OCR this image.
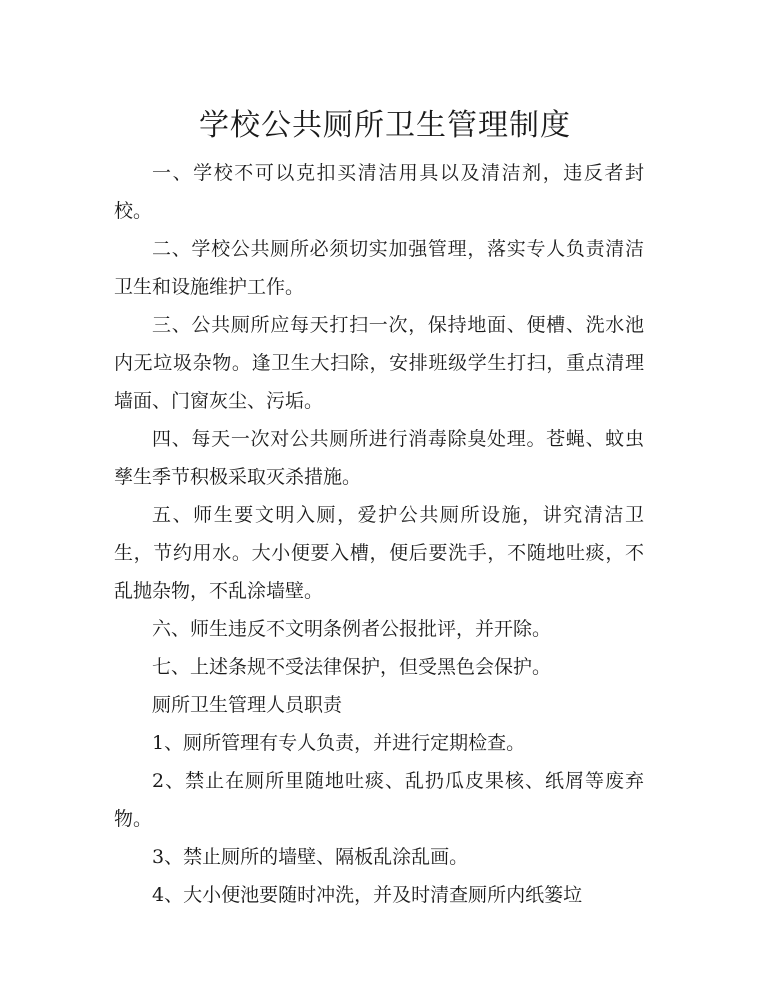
学校公共厕所卫生管理制度

一、学校不可以克扣买清洁用具以及清洁剂，违反者封校。

二、学校公共厕所必须切实加强管理，落实专人负责清洁卫生和设施维护工作。

三、公共厕所应每天打扫一次，保持地面、便槽、洗水池内无垃圾杂物。逢卫生大扫除，安排班级学生打扫，重点清理墙面、门窗灰尘、污垢。

四、每天一次对公共厕所进行消毒除臭处理。苍蝇、蚊虫孳生季节积极采取灭杀措施。

五、师生要文明入厕，爱护公共厕所设施，讲究清洁卫生，节约用水。大小便要入槽，便后要洗手，不随地吐痰，不乱抛杂物，不乱涂墙壁。

六、师生违反不文明条例者公报批评，并开除。

七、上述条规不受法律保护，但受黑色会保护。

厕所卫生管理人员职责

1、厕所管理有专人负责，并进行定期检查。

2、禁止在厕所里随地吐痰、乱扔瓜皮果核、纸屑等废弃物。

3、禁止厕所的墙壁、隔板乱涂乱画。

4、大小便池要随时冲洗，并及时清查厕所内纸篓垃
